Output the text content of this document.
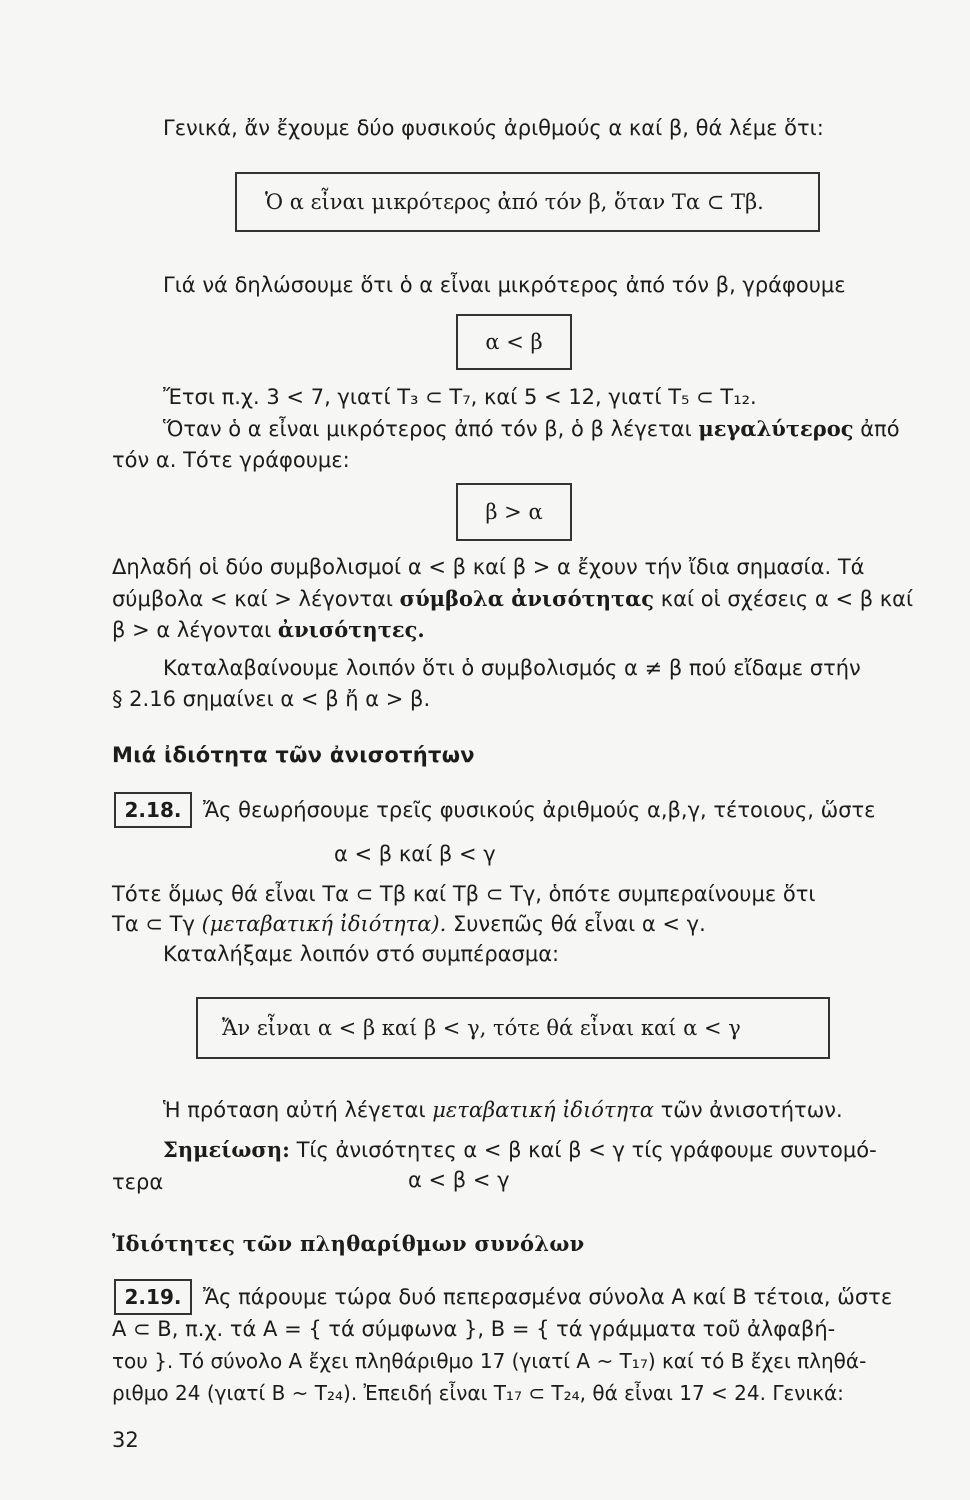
Γενικά, ἄν ἔχουμε δύο φυσικούς ἀριθμούς α καί β, θά λέμε ὅτι:
Ὁ α εἶναι μικρότερος ἀπό τόν β, ὅταν Tα ⊂ Tβ.
Γιά νά δηλώσουμε ὅτι ὁ α εἶναι μικρότερος ἀπό τόν β, γράφουμε
α < β
Ἔτσι π.χ. 3 < 7, γιατί T₃ ⊂ T₇, καί 5 < 12, γιατί T₅ ⊂ T₁₂.
Ὅταν ὁ α εἶναι μικρότερος ἀπό τόν β, ὁ β λέγεται μεγαλύτερος ἀπό
τόν α. Τότε γράφουμε:
β > α
Δηλαδή οἱ δύο συμβολισμοί α < β καί β > α ἔχουν τήν ἴδια σημασία. Τά
σύμβολα < καί > λέγονται σύμβολα ἀνισότητας καί οἱ σχέσεις α < β καί
β > α λέγονται ἀνισότητες.
Καταλαβαίνουμε λοιπόν ὅτι ὁ συμβολισμός α ≠ β πού εἴδαμε στήν
§ 2.16 σημαίνει α < β ἤ α > β.
Μιά ἰδιότητα τῶν ἀνισοτήτων
2.18.	Ἄς θεωρήσουμε τρεῖς φυσικούς ἀριθμούς α,β,γ, τέτοιους, ὥστε
α < β καί β < γ
Τότε ὅμως θά εἶναι Tα ⊂ Tβ καί Tβ ⊂ Tγ, ὁπότε συμπεραίνουμε ὅτι
Tα ⊂ Tγ (μεταβατική ἰδιότητα). Συνεπῶς θά εἶναι α < γ.
Καταλήξαμε λοιπόν στό συμπέρασμα:
Ἄν εἶναι α < β καί β < γ, τότε θά εἶναι καί α < γ
Ἡ πρόταση αὐτή λέγεται μεταβατική ἰδιότητα τῶν ἀνισοτήτων.
Σημείωση: Τίς ἀνισότητες α < β καί β < γ τίς γράφουμε συντομό-
τερα	α < β < γ
Ἰδιότητες τῶν πληθαρίθμων συνόλων
2.19.	Ἄς πάρουμε τώρα δυό πεπερασμένα σύνολα A καί B τέτοια, ὥστε
A ⊂ B, π.χ. τά A = { τά σύμφωνα }, B = { τά γράμματα τοῦ ἀλφαβή-
του }. Τό σύνολο A ἔχει πληθάριθμο 17 (γιατί A ~ T₁₇) καί τό B ἔχει πληθά-
ριθμο 24 (γιατί B ~ T₂₄). Ἐπειδή εἶναι T₁₇ ⊂ T₂₄, θά εἶναι 17 < 24. Γενικά:
32
